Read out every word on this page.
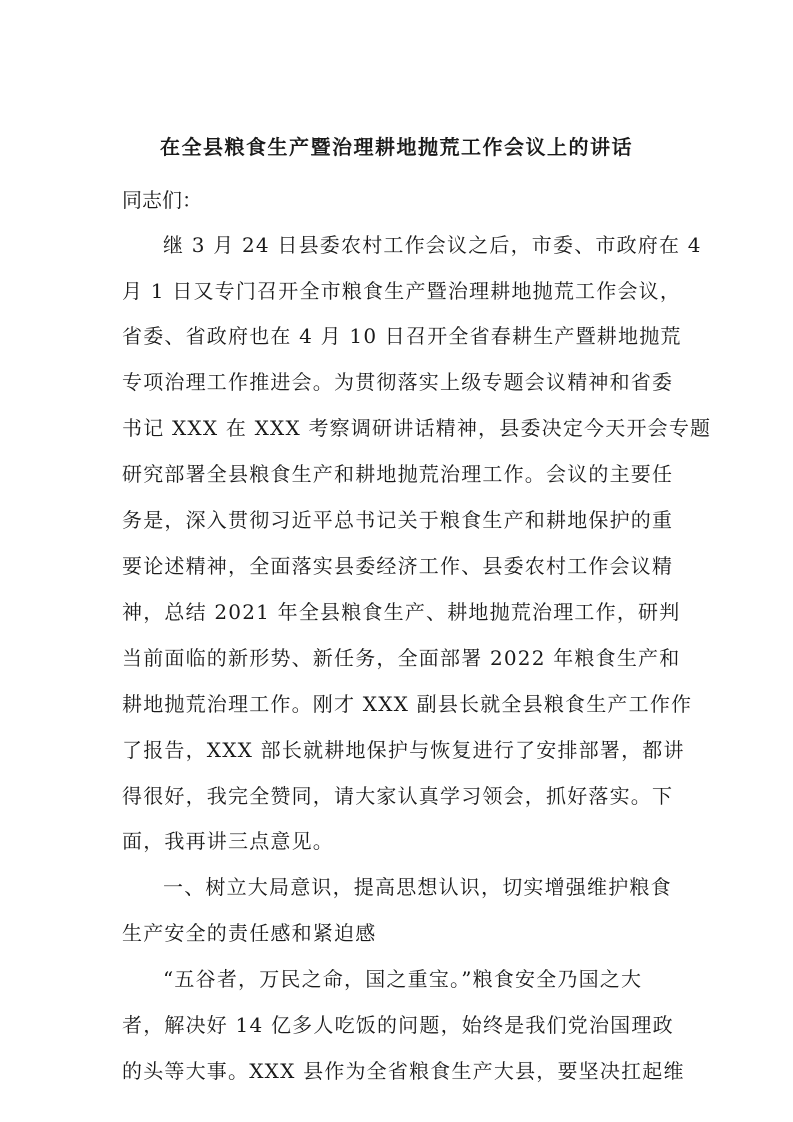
在全县粮食生产暨治理耕地抛荒工作会议上的讲话
同志们：
继 3 月 24 日县委农村工作会议之后，市委、市政府在 4
月 1 日又专门召开全市粮食生产暨治理耕地抛荒工作会议，
省委、省政府也在 4 月 10 日召开全省春耕生产暨耕地抛荒
专项治理工作推进会。为贯彻落实上级专题会议精神和省委
书记 XXX 在 XXX 考察调研讲话精神，县委决定今天开会专题
研究部署全县粮食生产和耕地抛荒治理工作。会议的主要任
务是，深入贯彻习近平总书记关于粮食生产和耕地保护的重
要论述精神，全面落实县委经济工作、县委农村工作会议精
神，总结 2021 年全县粮食生产、耕地抛荒治理工作，研判
当前面临的新形势、新任务，全面部署 2022 年粮食生产和
耕地抛荒治理工作。刚才 XXX 副县长就全县粮食生产工作作
了报告，XXX 部长就耕地保护与恢复进行了安排部署，都讲
得很好，我完全赞同，请大家认真学习领会，抓好落实。下
面，我再讲三点意见。
一、树立大局意识，提高思想认识，切实增强维护粮食
生产安全的责任感和紧迫感
“五谷者，万民之命，国之重宝。”粮食安全乃国之大
者，解决好 14 亿多人吃饭的问题，始终是我们党治国理政
的头等大事。XXX 县作为全省粮食生产大县，要坚决扛起维
